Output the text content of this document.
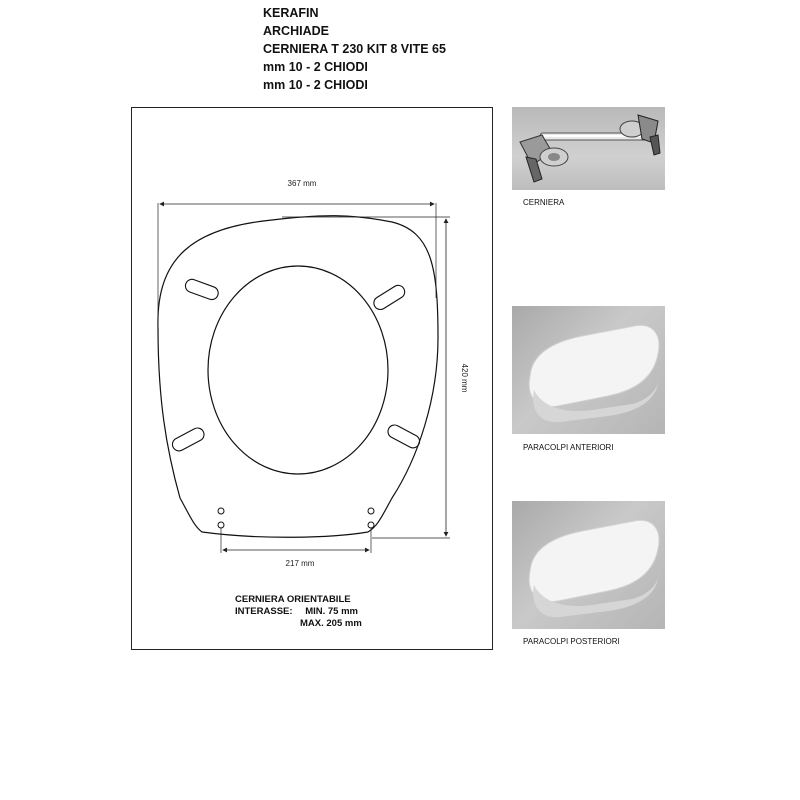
KERAFIN
ARCHIADE
CERNIERA T 230 KIT 8 VITE 65
mm 10 - 2 CHIODI
mm 10 - 2 CHIODI
367 mm
420 mm
217 mm
CERNIERA ORIENTABILE
INTERASSE: MIN. 75 mm
MAX. 205 mm
CERNIERA
PARACOLPI ANTERIORI
PARACOLPI POSTERIORI
